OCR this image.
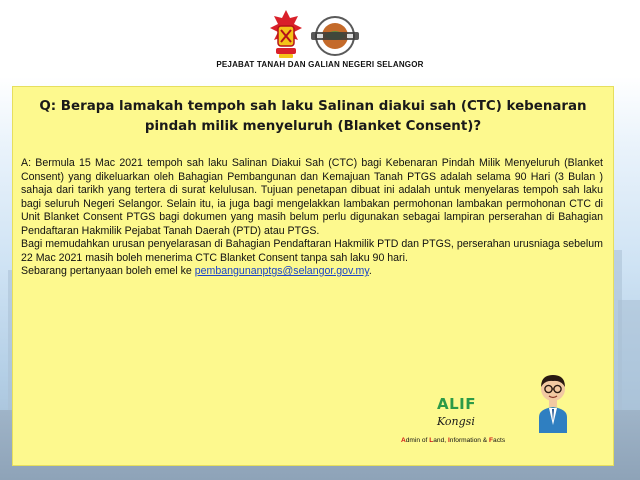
PEJABAT TANAH DAN GALIAN NEGERI SELANGOR
Q: Berapa lamakah tempoh sah laku Salinan diakui sah (CTC) kebenaran pindah milik menyeluruh (Blanket Consent)?

A: Bermula 15 Mac 2021 tempoh sah laku Salinan Diakui Sah (CTC) bagi Kebenaran Pindah Milik Menyeluruh (Blanket Consent) yang dikeluarkan oleh Bahagian Pembangunan dan Kemajuan Tanah PTGS adalah selama 90 Hari (3 Bulan ) sahaja dari tarikh yang tertera di surat kelulusan. Tujuan penetapan dibuat ini adalah untuk menyelaras tempoh sah laku bagi seluruh Negeri Selangor. Selain itu, ia juga bagi mengelakkan lambakan permohonan lambakan permohonan CTC di Unit Blanket Consent PTGS bagi dokumen yang masih belum perlu digunakan sebagai lampiran perserahan di Bahagian Pendaftaran Hakmilik Pejabat Tanah Daerah (PTD) atau PTGS.

Bagi memudahkan urusan penyelarasan di Bahagian Pendaftaran Hakmilik PTD dan PTGS, perserahan urusniaga sebelum 22 Mac 2021 masih boleh menerima CTC Blanket Consent tanpa sah laku 90 hari.

Sebarang pertanyaan boleh emel ke pembangunanptgs@selangor.gov.my.

ALIF
Kongsi
Admin of Land, Information & Facts
